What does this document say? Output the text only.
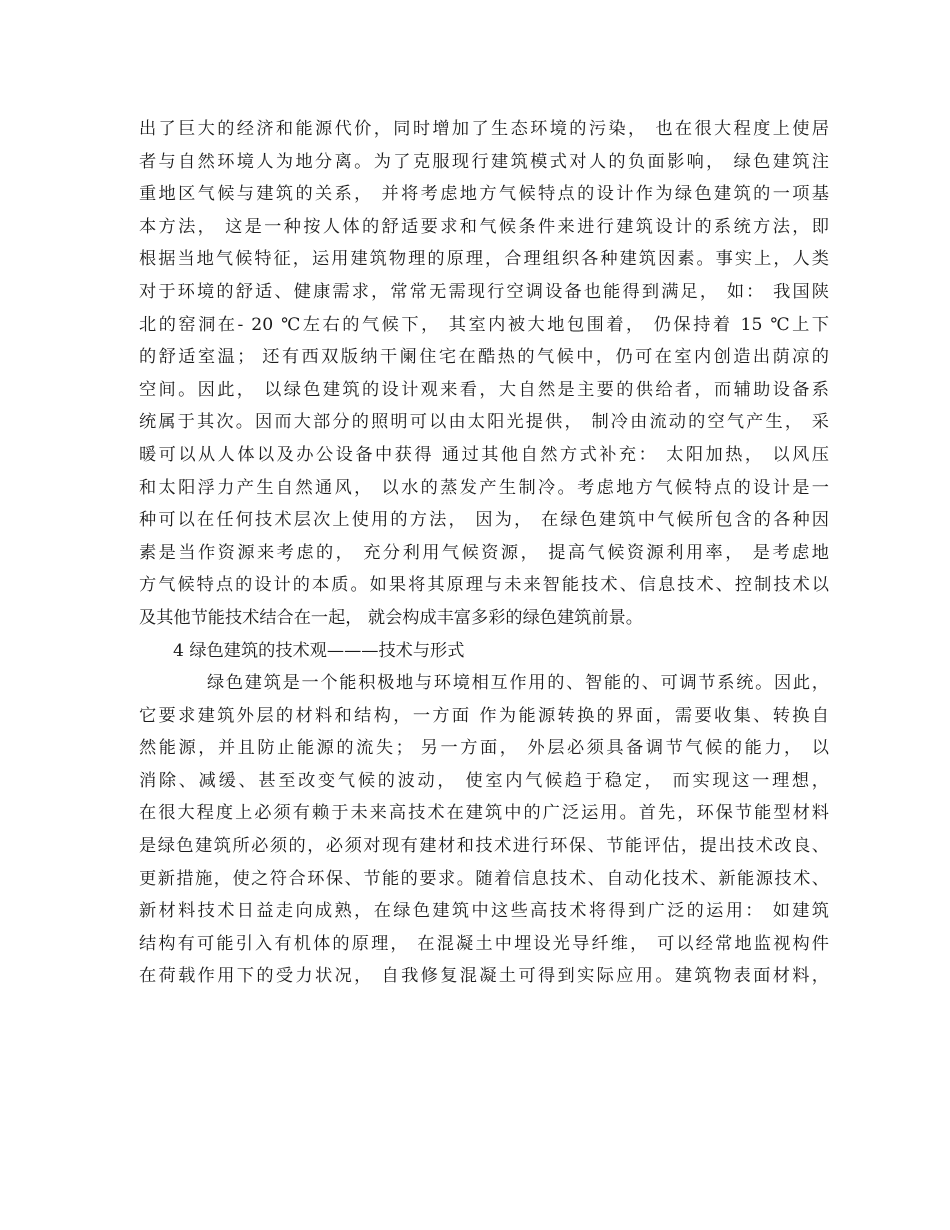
出了巨大的经济和能源代价，同时增加了生态环境的污染， 也在很大程度上使居
者与自然环境人为地分离。为了克服现行建筑模式对人的负面影响， 绿色建筑注
重地区气候与建筑的关系， 并将考虑地方气候特点的设计作为绿色建筑的一项基
本方法， 这是一种按人体的舒适要求和气候条件来进行建筑设计的系统方法，即
根据当地气候特征，运用建筑物理的原理，合理组织各种建筑因素。事实上，人类
对于环境的舒适、健康需求，常常无需现行空调设备也能得到满足， 如： 我国陕
北的窑洞在- 20 ℃左右的气候下， 其室内被大地包围着， 仍保持着 15 ℃上下
的舒适室温； 还有西双版纳干阑住宅在酷热的气候中，仍可在室内创造出荫凉的
空间。因此， 以绿色建筑的设计观来看，大自然是主要的供给者，而辅助设备系
统属于其次。因而大部分的照明可以由太阳光提供， 制冷由流动的空气产生， 采
暖可以从人体以及办公设备中获得 通过其他自然方式补充： 太阳加热， 以风压
和太阳浮力产生自然通风， 以水的蒸发产生制冷。考虑地方气候特点的设计是一
种可以在任何技术层次上使用的方法， 因为， 在绿色建筑中气候所包含的各种因
素是当作资源来考虑的， 充分利用气候资源， 提高气候资源利用率， 是考虑地
方气候特点的设计的本质。如果将其原理与未来智能技术、信息技术、控制技术以
及其他节能技术结合在一起， 就会构成丰富多彩的绿色建筑前景。
4 绿色建筑的技术观———技术与形式
绿色建筑是一个能积极地与环境相互作用的、智能的、可调节系统。因此，
它要求建筑外层的材料和结构，一方面 作为能源转换的界面，需要收集、转换自
然能源，并且防止能源的流失； 另一方面， 外层必须具备调节气候的能力， 以
消除、减缓、甚至改变气候的波动， 使室内气候趋于稳定， 而实现这一理想，
在很大程度上必须有赖于未来高技术在建筑中的广泛运用。首先，环保节能型材料
是绿色建筑所必须的，必须对现有建材和技术进行环保、节能评估，提出技术改良、
更新措施，使之符合环保、节能的要求。随着信息技术、自动化技术、新能源技术、
新材料技术日益走向成熟，在绿色建筑中这些高技术将得到广泛的运用： 如建筑
结构有可能引入有机体的原理， 在混凝土中埋设光导纤维， 可以经常地监视构件
在荷载作用下的受力状况， 自我修复混凝土可得到实际应用。建筑物表面材料，
